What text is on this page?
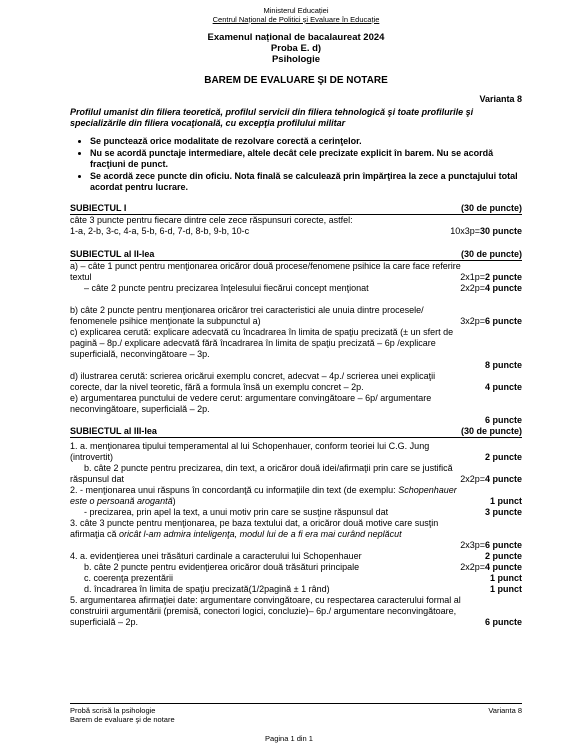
Ministerul Educației
Centrul Național de Politici și Evaluare în Educație
Examenul național de bacalaureat 2024
Proba E. d)
Psihologie
BAREM DE EVALUARE ŞI DE NOTARE
Varianta 8
Profilul umanist din filiera teoretică, profilul servicii din filiera tehnologică şi toate profilurile şi specializările din filiera vocaţională, cu excepţia profilului militar
• Se punctează orice modalitate de rezolvare corectă a cerinţelor.
• Nu se acordă punctaje intermediare, altele decât cele precizate explicit în barem. Nu se acordă fracţiuni de punct.
• Se acordă zece puncte din oficiu. Nota finală se calculează prin împărţirea la zece a punctajului total acordat pentru lucrare.
SUBIECTUL I	(30 de puncte)
câte 3 puncte pentru fiecare dintre cele zece răspunsuri corecte, astfel:
1-a, 2-b, 3-c, 4-a, 5-b, 6-d, 7-d, 8-b, 9-b, 10-c	10x3p=30 puncte
SUBIECTUL al II-lea	(30 de puncte)
a) – câte 1 punct pentru menţionarea oricăror două procese/fenomene psihice la care face referire
textul	2x1p=2 puncte
– câte 2 puncte pentru precizarea înţelesului fiecărui concept menţionat	2x2p=4 puncte
b) câte 2 puncte pentru menţionarea oricăror trei caracteristici ale unuia dintre procesele/
fenomenele psihice menţionate la subpunctul a)	3x2p=6 puncte
c) explicarea cerută: explicare adecvată cu încadrarea în limita de spaţiu precizată (± un sfert de
pagină – 8p./ explicare adecvată fără încadrarea în limita de spaţiu precizată – 6p /explicare
superficială, neconvingătoare – 3p.
8 puncte
d) ilustrarea cerută: scrierea oricărui exemplu concret, adecvat – 4p./ scrierea unei explicaţii
corecte, dar la nivel teoretic, fără a formula însă un exemplu concret – 2p.	4 puncte
e) argumentarea punctului de vedere cerut: argumentare convingătoare – 6p/ argumentare
neconvingătoare, superficială – 2p.
6 puncte
SUBIECTUL al III-lea	(30 de puncte)
1. a. menţionarea tipului temperamental al lui Schopenhauer, conform teoriei lui C.G. Jung
(introvertit)	2 puncte
b. câte 2 puncte pentru precizarea, din text, a oricăror două idei/afirmaţii prin care se justifică
răspunsul dat	2x2p=4 puncte
2. - menţionarea unui răspuns în concordanţă cu informaţiile din text (de exemplu: Schopenhauer
este o persoană arogantă)	1 punct
- precizarea, prin apel la text, a unui motiv prin care se susţine răspunsul dat	3 puncte
3. câte 3 puncte pentru menţionarea, pe baza textului dat, a oricăror două motive care susţin
afirmaţia că oricât l-am admira inteligenţa, modul lui de a fi era mai curând neplăcut
2x3p=6 puncte
4. a. evidenţierea unei trăsături cardinale a caracterului lui Schopenhauer	2 puncte
b. câte 2 puncte pentru evidenţierea oricăror două trăsături principale	2x2p=4 puncte
c. coerenţa prezentării	1 punct
d. încadrarea în limita de spaţiu precizată(1/2pagină ± 1 rând)	1 punct
5. argumentarea afirmaţiei date: argumentare convingătoare, cu respectarea caracterului formal al
construirii argumentării (premisă, conectori logici, concluzie)– 6p./ argumentare neconvingătoare,
superficială – 2p.	6 puncte
Probă scrisă la psihologie	Varianta 8
Barem de evaluare şi de notare
Pagina 1 din 1
